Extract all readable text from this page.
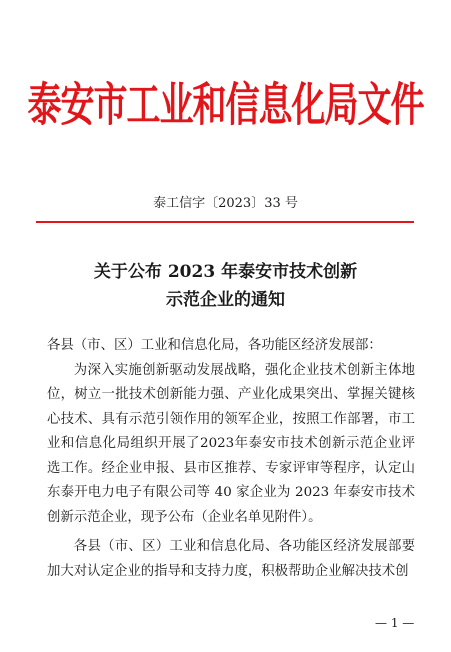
泰安市工业和信息化局文件
泰工信字〔2023〕33 号
关于公布 2023 年泰安市技术创新
示范企业的通知

各县（市、区）工业和信息化局，各功能区经济发展部：

为深入实施创新驱动发展战略，强化企业技术创新主体地位，树立一批技术创新能力强、产业化成果突出、掌握关键核心技术、具有示范引领作用的领军企业，按照工作部署，市工业和信息化局组织开展了2023年泰安市技术创新示范企业评选工作。经企业申报、县市区推荐、专家评审等程序，认定山东泰开电力电子有限公司等 40 家企业为 2023 年泰安市技术创新示范企业，现予公布（企业名单见附件）。

各县（市、区）工业和信息化局、各功能区经济发展部要加大对认定企业的指导和支持力度，积极帮助企业解决技术创

— 1 —
